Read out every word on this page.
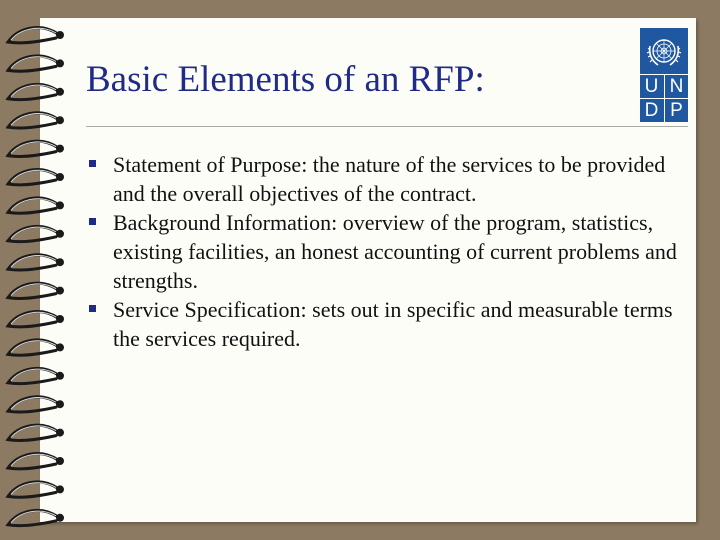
Basic Elements of an RFP:	U N
D P
Statement of Purpose: the nature of the services to be provided and the overall objectives of the contract.
Background Information: overview of the program, statistics, existing facilities, an honest accounting of current problems and strengths.
Service Specification: sets out in specific and measurable terms the services required.
